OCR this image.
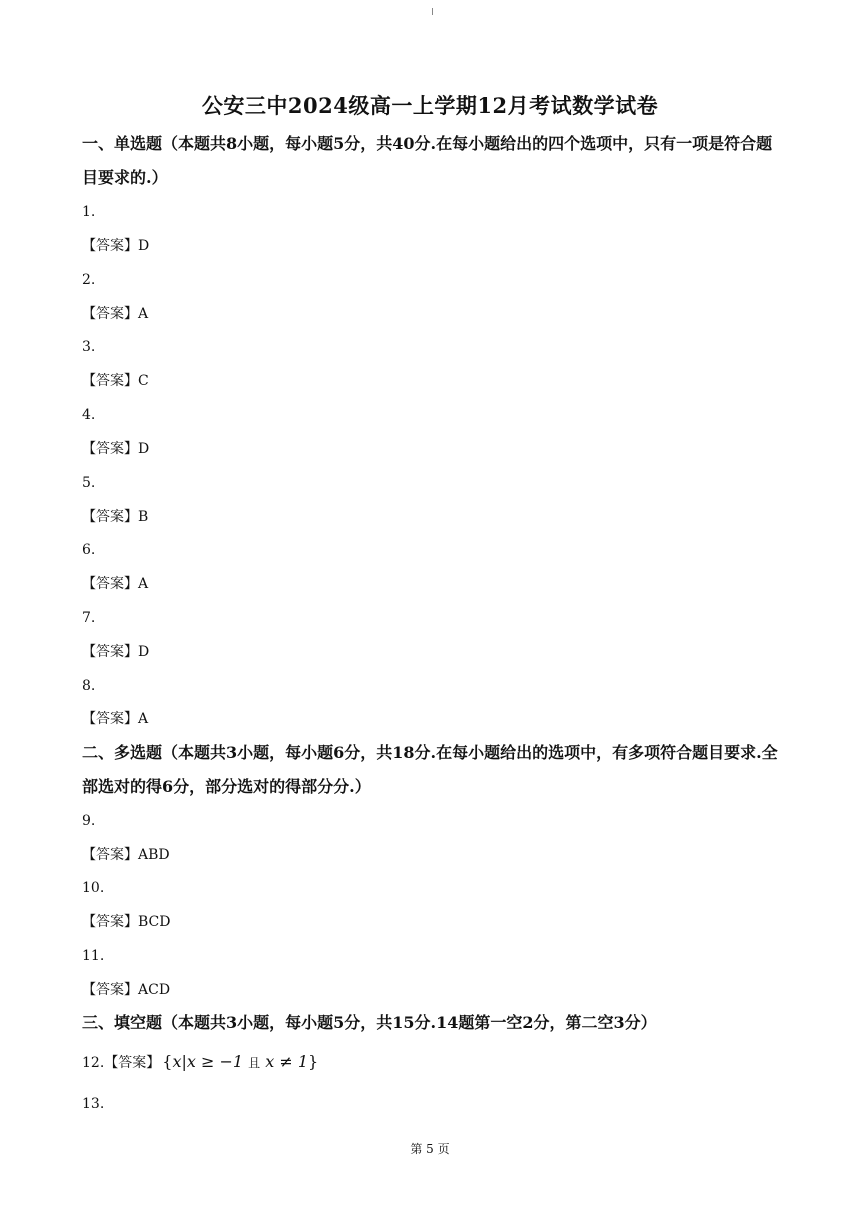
公安三中2024级高一上学期12月考试数学试卷
一、单选题（本题共8小题，每小题5分，共40分.在每小题给出的四个选项中，只有一项是符合题目要求的.）
1.
【答案】D
2.
【答案】A
3.
【答案】C
4.
【答案】D
5.
【答案】B
6.
【答案】A
7.
【答案】D
8.
【答案】A
二、多选题（本题共3小题，每小题6分，共18分.在每小题给出的选项中，有多项符合题目要求.全部选对的得6分，部分选对的得部分分.）
9.
【答案】ABD
10.
【答案】BCD
11.
【答案】ACD
三、填空题（本题共3小题，每小题5分，共15分.14题第一空2分，第二空3分）
12.【答案】 {x|x ≥ −1 且 x ≠ 1}
13.
第 5 页
